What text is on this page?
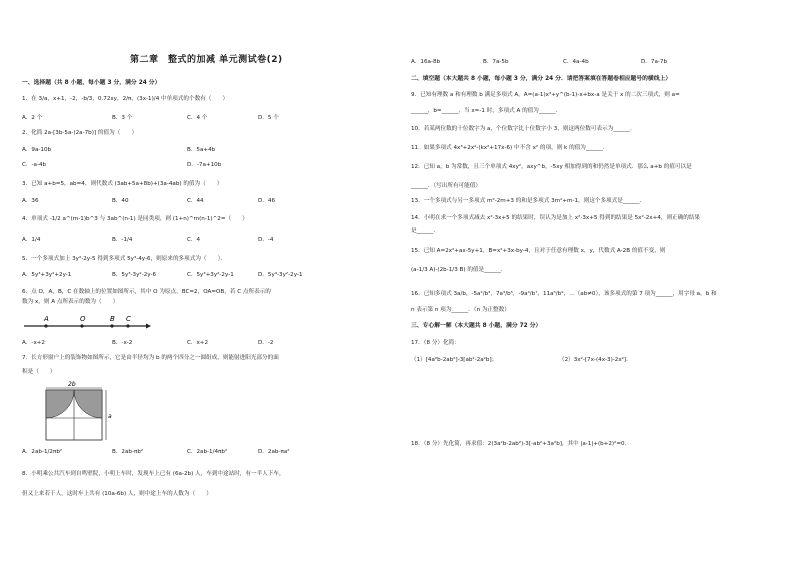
第二章　整式的加减 单元测试卷(2)
一、选择题（共 8 小题，每小题 3 分，满分 24 分）
1．在 3/a，x+1，-2，-b/3，0.72xy，2/π，(3x-1)/4 中单项式的个数有（　　）
A．2 个	B．3 个	C．4 个	D．5 个
2．化简 2a-[3b-5a-(2a-7b)] 的值为（　　）
A．9a-10b	B．5a+4b
C．-a-4b	D．-7a+10b
3．已知 a+b=5，ab=4，则代数式 (3ab+5a+8b)+(3a-4ab) 的值为（　　）
A．36	B．40	C．44	D．46
4．单项式 -1/2 a^(m-1)b^3 与 3ab^(n-1) 是同类项，则 (1+n)^m(n-1)^2=（　　）
A．1/4	B．-1/4	C．4	D．-4
5．一个多项式加上 3y²-2y-5 得到多项式 5y³-4y-6，则原来的多项式为（　　）．
A．5y³+3y²+2y-1	B．5y³-3y²-2y-6	C．5y³+3y²-2y-1	D．5y³-3y²-2y-1
6．点 O，A，B，C 在数轴上的位置如图所示，其中 O 为原点，BC=2，OA=OB，若 C 点所表示的
数为 x，则 A 点所表示的数为（　　）
A	O	B C
A．-x+2	B．-x-2	C．x+2	D．-2
7．长方形窗户上的装饰物如图所示，它是由半径均为 b 的两个四分之一圆组成，则能射进阳光部分的面
积是（　　）
2b
a
A．2ab-1/2πb²	B．2ab-πb²	C．2ab-1/4πb²	D．2ab-πa²
8．小明乘公共汽车到自鸣壁院，小明上车时，发现车上已有 (6a-2b) 人，车到中途站时，有一半人下车，
但又上来若干人，这时车上共有 (10a-6b) 人，则中途上车的人数为（　　）
A．16a-8b	B．7a-5b	C．4a-4b	D．7a-7b
二、填空题（本大题共 8 小题，每小题 3 分，满分 24 分．请把答案填在答题卷相应题号的横线上）
9．已知有理数 a 和有理数 b 满足多项式 A，A=(a-1)x³+y^(b-1)-x+bx-a 是关于 x 的二次三项式，则 a=
______，b=______，当 x=-1 时，多项式 A 的值为______．
10．若某两位数的十位数字为 a，个位数字比十位数字小 3，则这两位数可表示为______．
11．如果多项式 4x³+2x²-(kx²+17x-6) 中不含 x² 的项，则 k 的值为______．
12．已知 a，b 为常数，且三个单项式 4xy²，axy^b，-5xy 相加得到的和仍然是单项式．那么 a+b 的值可以是
______．（写出所有可能值）
13．一个多项式与另一多项式 m²-2m+3 的和是多项式 3m²+m-1，则这个多项式是______．
14．小明在求一个多项式减去 x²-3x+5 的结果时，误认为是加上 x²-3x+5 得到的结果是 5x²-2x+4，则正确的结果
是______．
15．已知 A=2x²+ax-5y+1，B=x²+3x-by-4，且对于任意有理数 x，y，代数式 A-2B 的值不变，则
(a-1/3 A)-(2b-1/3 B) 的值是______．
16．已知多项式 3a/b，-5a²/b³，7a³/b⁵，-9a⁴/b⁷，11a⁵/b⁹，…（ab≠0），该多项式的第 7 项为______，用字母 a，b 和
n 表示第 n 项为______．（n 为正整数）
三、专心解一解（本大题共 8 小题，满分 72 分）
17．（8 分）化简：
（1）[4a²b-2ab²]-3[ab²-2a²b]；	（2）3x²-[7x-(4x-3)-2x²]．
18．（8 分）先化简，再求值：2(3a²b-2ab²)-3[-ab²+3a²b]，其中 |a-1|+(b+2)²=0．
